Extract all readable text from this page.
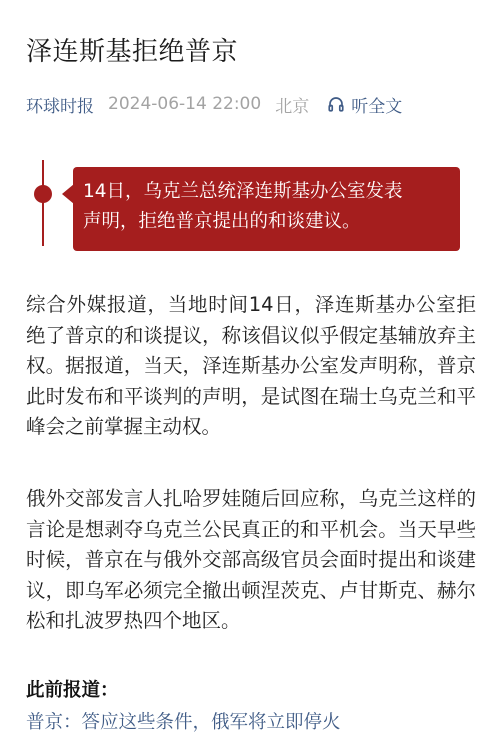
泽连斯基拒绝普京
环球时报 2024-06-14 22:00 北京 听全文
14日，乌克兰总统泽连斯基办公室发表
声明，拒绝普京提出的和谈建议。

综合外媒报道，当地时间14日，泽连斯基办公室拒绝了普京的和谈提议，称该倡议似乎假定基辅放弃主权。据报道，当天，泽连斯基办公室发声明称，普京此时发布和平谈判的声明，是试图在瑞士乌克兰和平峰会之前掌握主动权。

俄外交部发言人扎哈罗娃随后回应称，乌克兰这样的言论是想剥夺乌克兰公民真正的和平机会。当天早些时候，普京在与俄外交部高级官员会面时提出和谈建议，即乌军必须完全撤出顿涅茨克、卢甘斯克、赫尔松和扎波罗热四个地区。

此前报道：
普京：答应这些条件，俄军将立即停火
